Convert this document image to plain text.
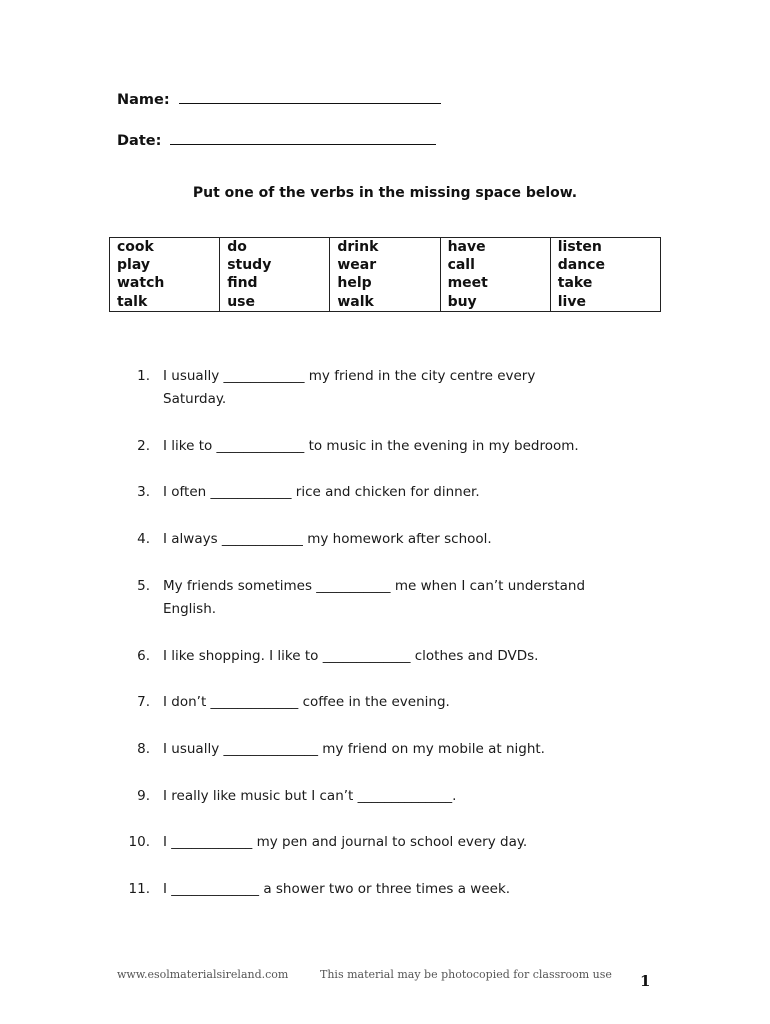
Name:
Date:
Put one of the verbs in the missing space below.
cook
play
watch
talk

do
study
find
use

drink
wear
help
walk

have
call
meet
buy

listen
dance
take
live
1. I usually ____________ my friend in the city centre every
Saturday.
2. I like to _____________ to music in the evening in my bedroom.
3. I often ____________ rice and chicken for dinner.
4. I always ____________ my homework after school.
5. My friends sometimes ___________ me when I can’t understand
English.
6. I like shopping. I like to _____________ clothes and DVDs.
7. I don’t _____________ coffee in the evening.
8. I usually ______________ my friend on my mobile at night.
9. I really like music but I can’t ______________.
10. I ____________ my pen and journal to school every day.
11. I _____________ a shower two or three times a week.
www.esolmaterialsireland.com	This material may be photocopied for classroom use 1
